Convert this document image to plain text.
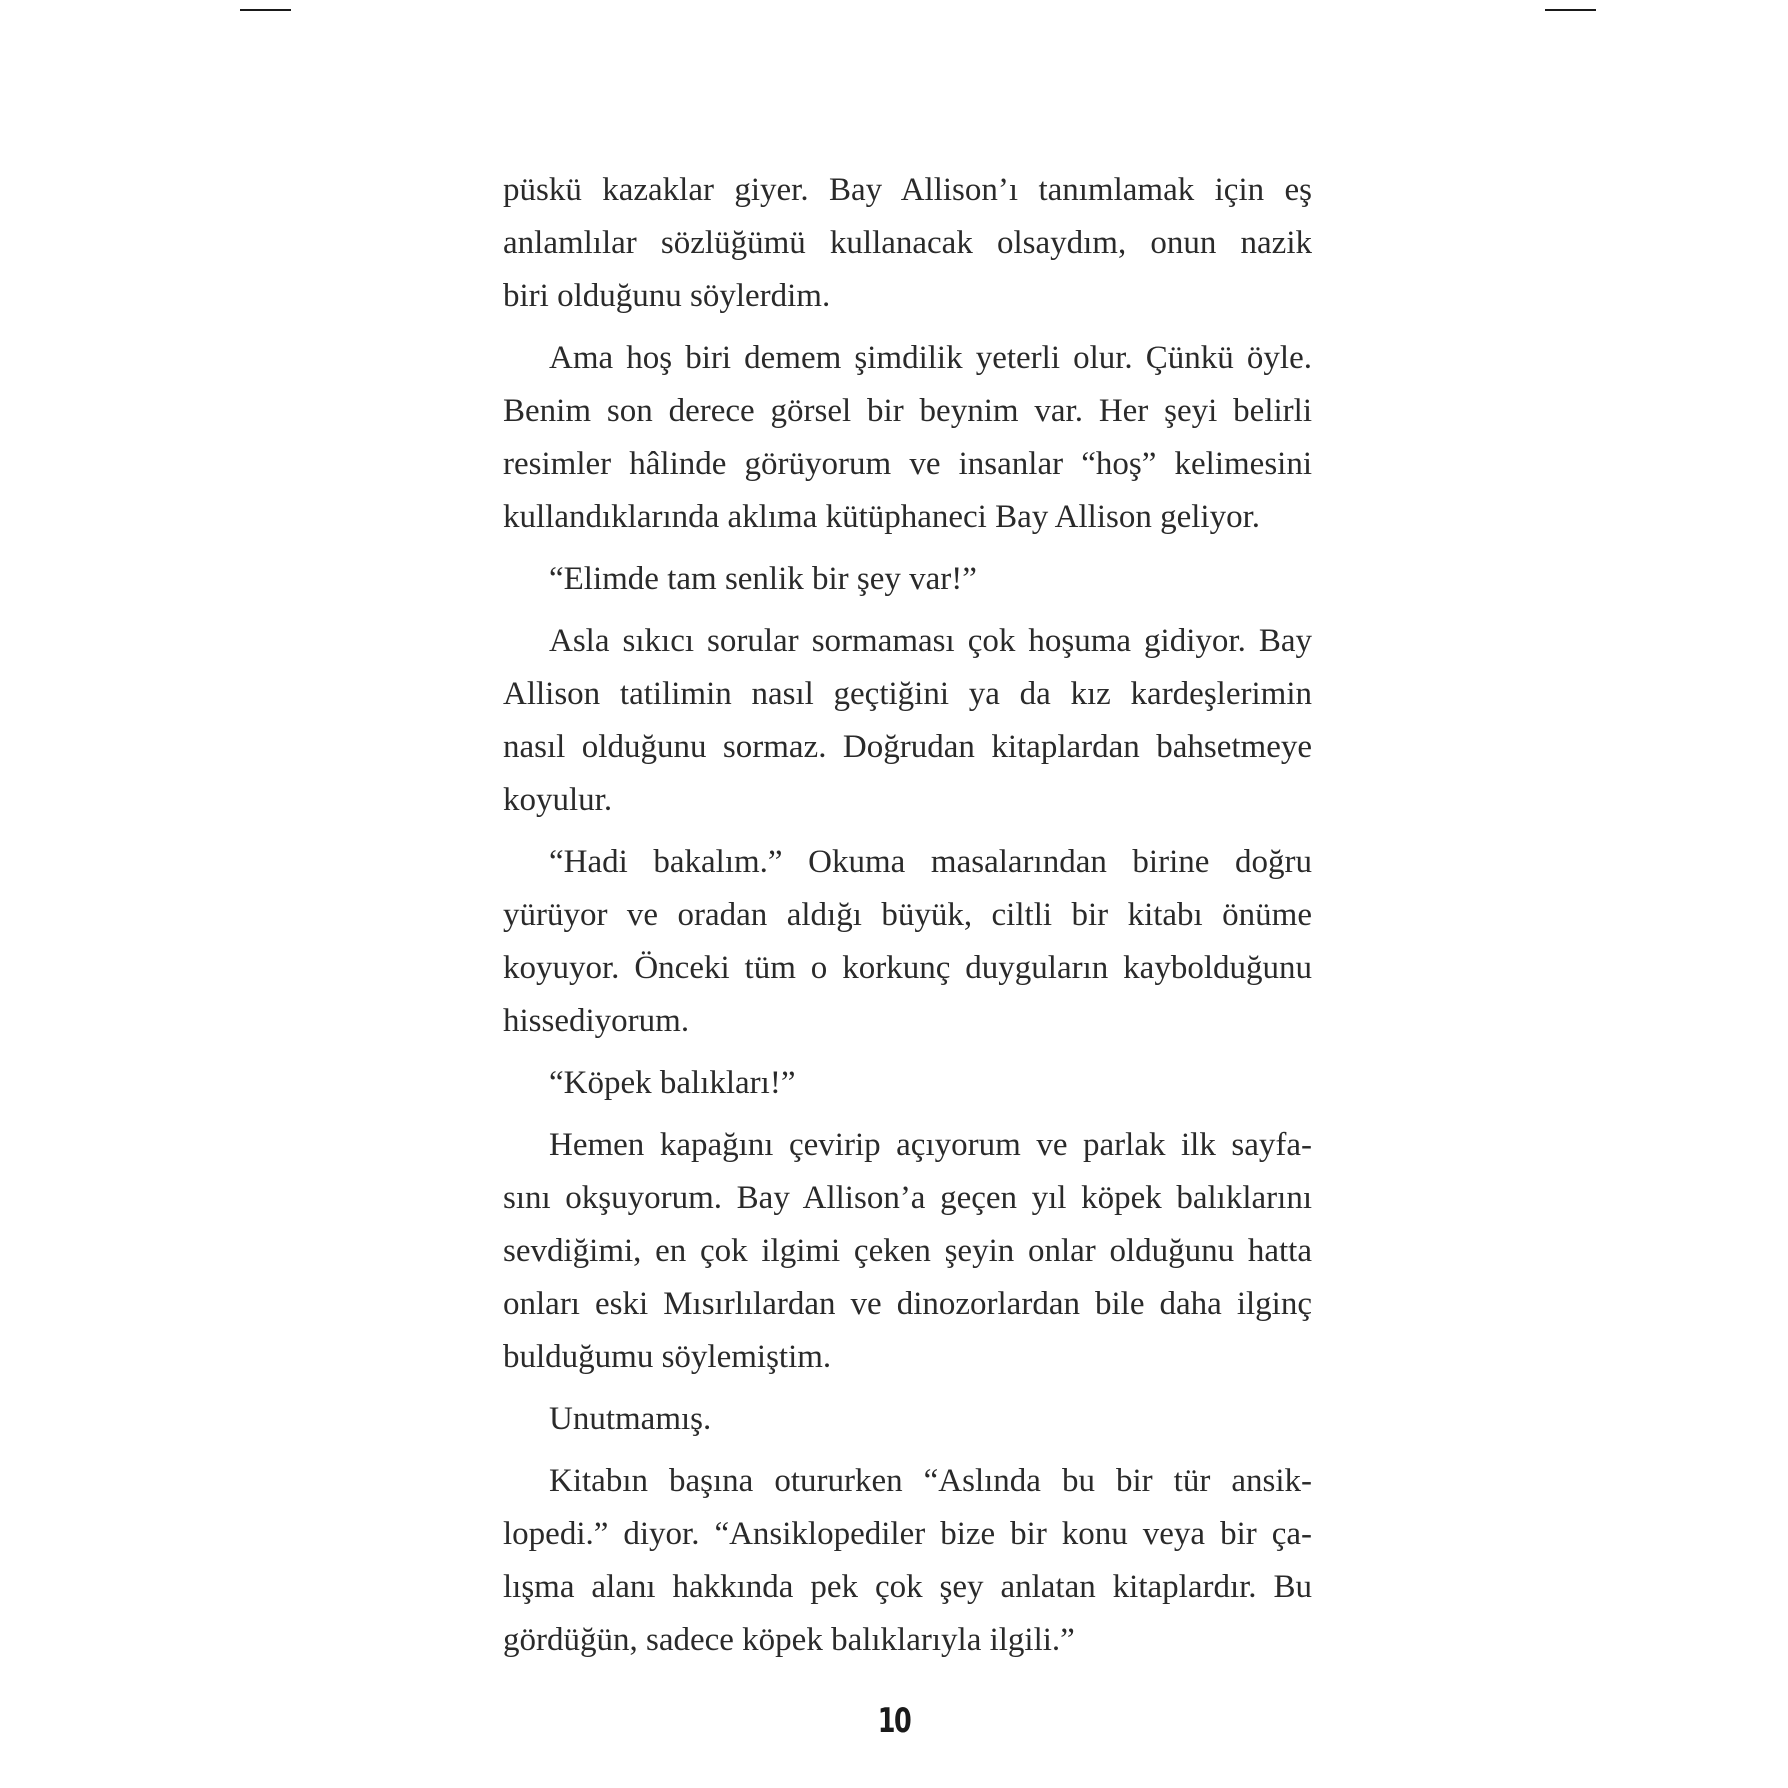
püskü kazaklar giyer. Bay Allison’ı tanımlamak için eş
anlamlılar sözlüğümü kullanacak olsaydım, onun nazik
biri olduğunu söylerdim.
Ama hoş biri demem şimdilik yeterli olur. Çünkü öyle.
Benim son derece görsel bir beynim var. Her şeyi belirli
resimler hâlinde görüyorum ve insanlar “hoş” kelimesini
kullandıklarında aklıma kütüphaneci Bay Allison geliyor.
“Elimde tam senlik bir şey var!”
Asla sıkıcı sorular sormaması çok hoşuma gidiyor. Bay
Allison tatilimin nasıl geçtiğini ya da kız kardeşlerimin
nasıl olduğunu sormaz. Doğrudan kitaplardan bahsetmeye
koyulur.
“Hadi bakalım.” Okuma masalarından birine doğru
yürüyor ve oradan aldığı büyük, ciltli bir kitabı önüme
koyuyor. Önceki tüm o korkunç duyguların kaybolduğunu
hissediyorum.
“Köpek balıkları!”
Hemen kapağını çevirip açıyorum ve parlak ilk sayfa-
sını okşuyorum. Bay Allison’a geçen yıl köpek balıklarını
sevdiğimi, en çok ilgimi çeken şeyin onlar olduğunu hatta
onları eski Mısırlılardan ve dinozorlardan bile daha ilginç
bulduğumu söylemiştim.
Unutmamış.
Kitabın başına otururken “Aslında bu bir tür ansik-
lopedi.” diyor. “Ansiklopediler bize bir konu veya bir ça-
lışma alanı hakkında pek çok şey anlatan kitaplardır. Bu
gördüğün, sadece köpek balıklarıyla ilgili.”
10
